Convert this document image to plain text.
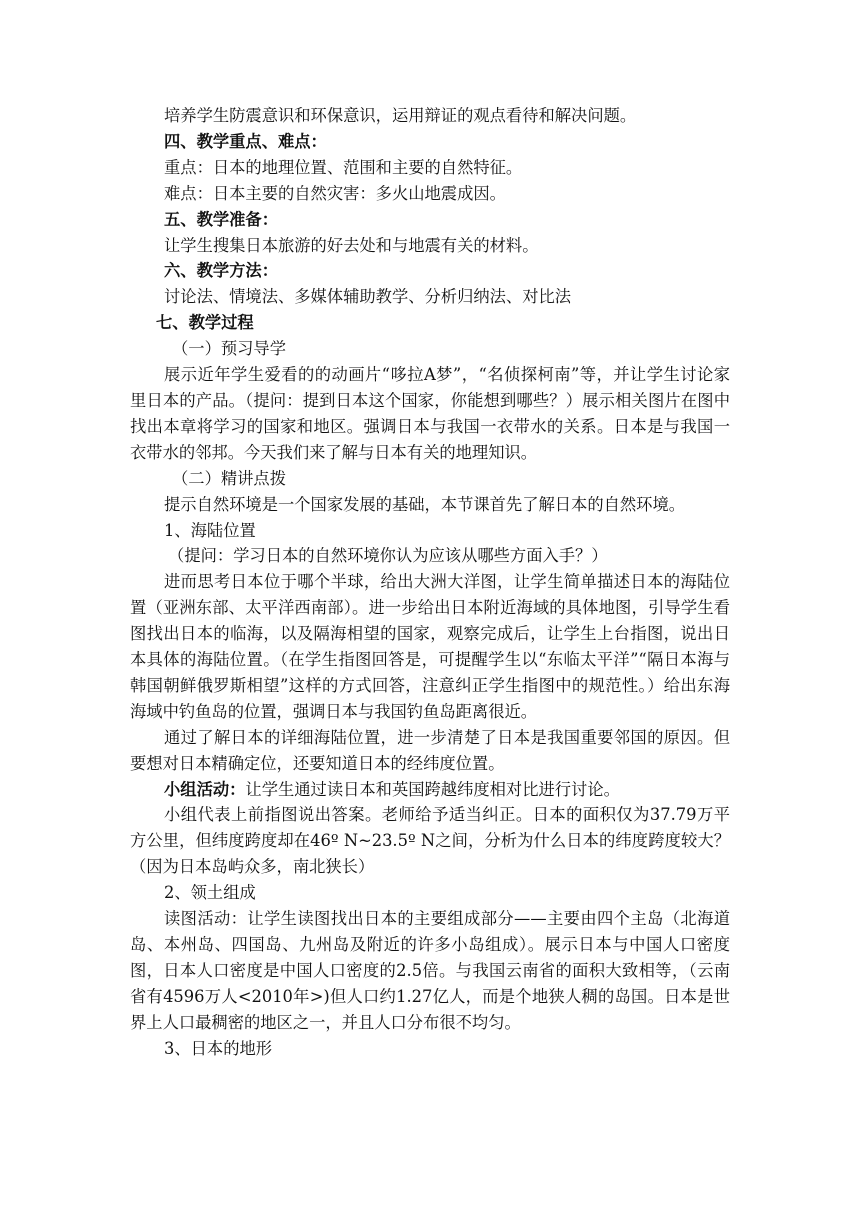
培养学生防震意识和环保意识，运用辩证的观点看待和解决问题。

四、教学重点、难点：

重点：日本的地理位置、范围和主要的自然特征。

难点：日本主要的自然灾害：多火山地震成因。

五、教学准备：

让学生搜集日本旅游的好去处和与地震有关的材料。

六、教学方法：

讨论法、情境法、多媒体辅助教学、分析归纳法、对比法

七、教学过程

（一）预习导学

展示近年学生爱看的的动画片“哆拉A梦”，“名侦探柯南”等，并让学生讨论家里日本的产品。（提问：提到日本这个国家，你能想到哪些？）展示相关图片在图中找出本章将学习的国家和地区。强调日本与我国一衣带水的关系。日本是与我国一衣带水的邻邦。今天我们来了解与日本有关的地理知识。

（二）精讲点拨

提示自然环境是一个国家发展的基础，本节课首先了解日本的自然环境。

1、海陆位置

（提问：学习日本的自然环境你认为应该从哪些方面入手？）

进而思考日本位于哪个半球，给出大洲大洋图，让学生简单描述日本的海陆位置（亚洲东部、太平洋西南部）。进一步给出日本附近海域的具体地图，引导学生看图找出日本的临海，以及隔海相望的国家，观察完成后，让学生上台指图，说出日本具体的海陆位置。（在学生指图回答是，可提醒学生以“东临太平洋”“隔日本海与韩国朝鲜俄罗斯相望”这样的方式回答，注意纠正学生指图中的规范性。）给出东海海域中钓鱼岛的位置，强调日本与我国钓鱼岛距离很近。

通过了解日本的详细海陆位置，进一步清楚了日本是我国重要邻国的原因。但要想对日本精确定位，还要知道日本的经纬度位置。

小组活动：让学生通过读日本和英国跨越纬度相对比进行讨论。

小组代表上前指图说出答案。老师给予适当纠正。日本的面积仅为37.79万平方公里，但纬度跨度却在46º N~23.5º N之间，分析为什么日本的纬度跨度较大？（因为日本岛屿众多，南北狭长）

2、领土组成

读图活动：让学生读图找出日本的主要组成部分——主要由四个主岛（北海道岛、本州岛、四国岛、九州岛及附近的许多小岛组成）。展示日本与中国人口密度图，日本人口密度是中国人口密度的2.5倍。与我国云南省的面积大致相等，（云南省有4596万人<2010年>)但人口约1.27亿人，而是个地狭人稠的岛国。日本是世界上人口最稠密的地区之一，并且人口分布很不均匀。

3、日本的地形
